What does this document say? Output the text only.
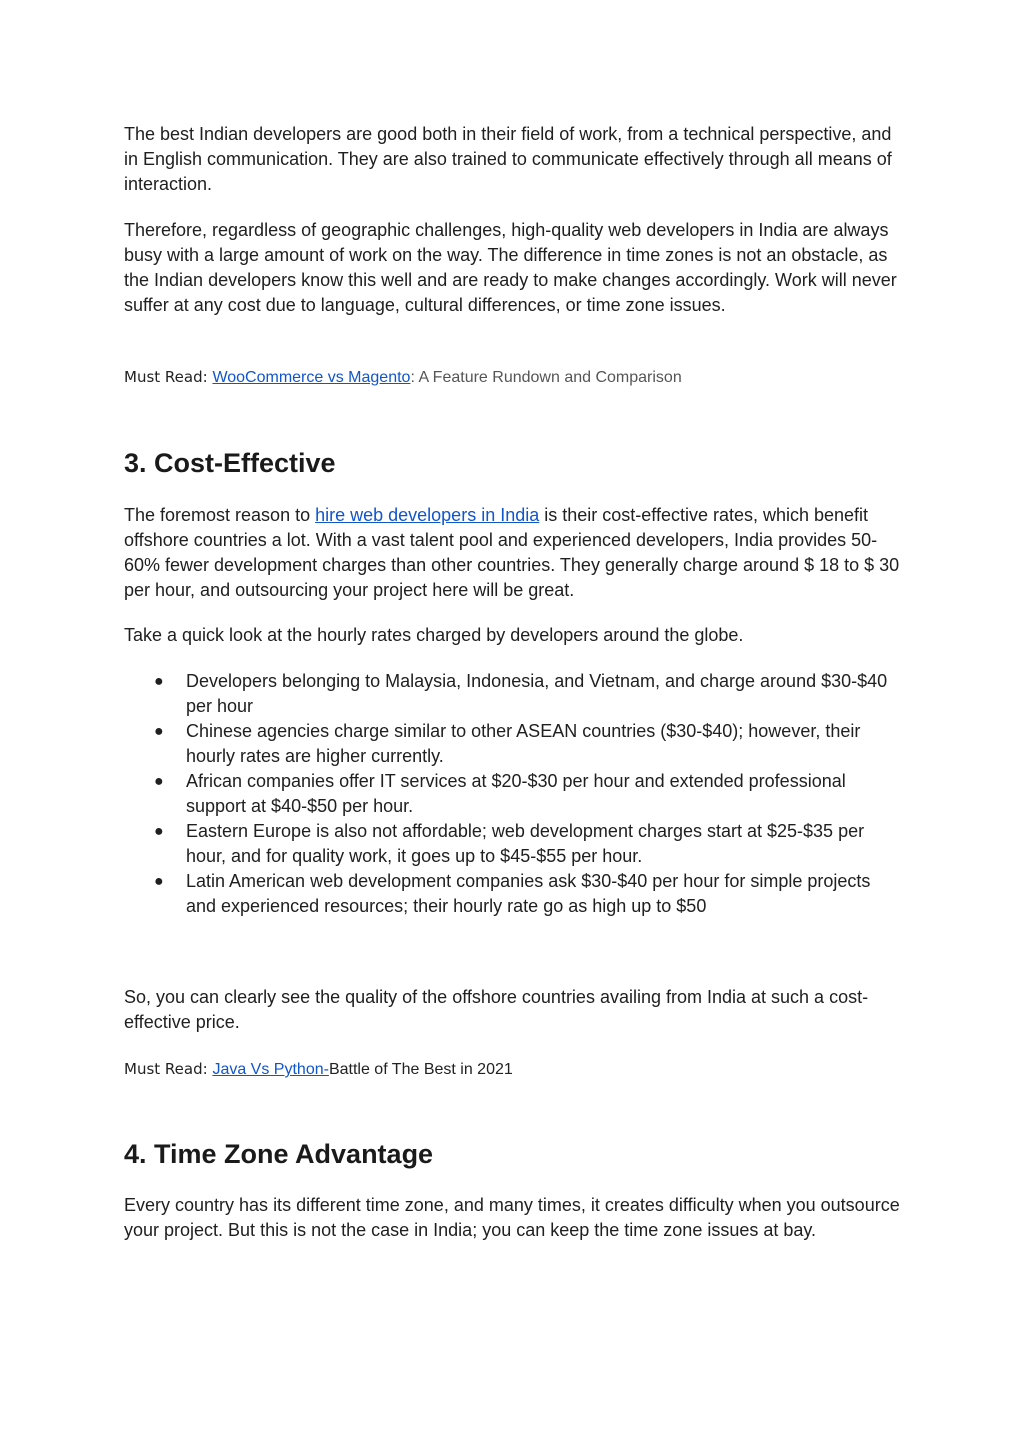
The best Indian developers are good both in their field of work, from a technical perspective, and in English communication. They are also trained to communicate effectively through all means of interaction.

Therefore, regardless of geographic challenges, high-quality web developers in India are always busy with a large amount of work on the way. The difference in time zones is not an obstacle, as the Indian developers know this well and are ready to make changes accordingly. Work will never suffer at any cost due to language, cultural differences, or time zone issues.

Must Read: WooCommerce vs Magento: A Feature Rundown and Comparison

3. Cost-Effective

The foremost reason to hire web developers in India is their cost-effective rates, which benefit offshore countries a lot. With a vast talent pool and experienced developers, India provides 50-60% fewer development charges than other countries. They generally charge around $ 18 to $ 30 per hour, and outsourcing your project here will be great.

Take a quick look at the hourly rates charged by developers around the globe.

● Developers belonging to Malaysia, Indonesia, and Vietnam, and charge around $30-$40 per hour
● Chinese agencies charge similar to other ASEAN countries ($30-$40); however, their hourly rates are higher currently.
● African companies offer IT services at $20-$30 per hour and extended professional support at $40-$50 per hour.
● Eastern Europe is also not affordable; web development charges start at $25-$35 per hour, and for quality work, it goes up to $45-$55 per hour.
● Latin American web development companies ask $30-$40 per hour for simple projects and experienced resources; their hourly rate go as high up to $50

So, you can clearly see the quality of the offshore countries availing from India at such a cost-effective price.

Must Read: Java Vs Python-Battle of The Best in 2021

4. Time Zone Advantage

Every country has its different time zone, and many times, it creates difficulty when you outsource your project. But this is not the case in India; you can keep the time zone issues at bay.
